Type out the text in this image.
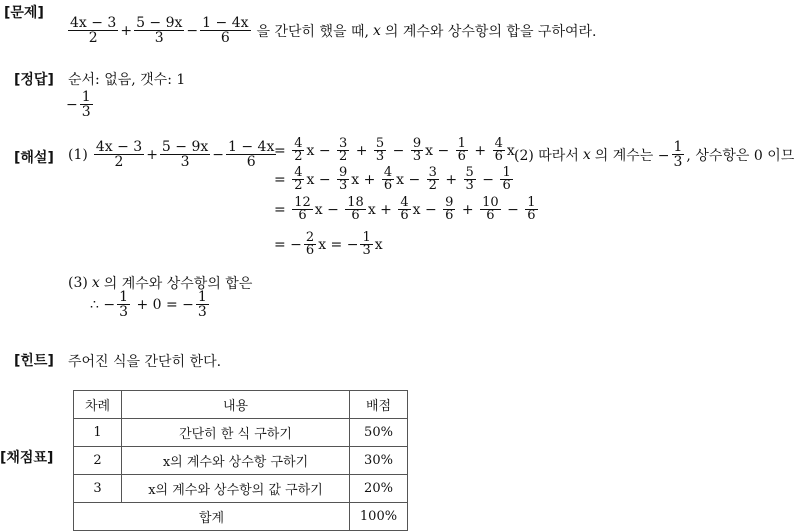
[문제]
$\frac{4x - 3}{2} + \frac{5 - 9x}{3} - \frac{1 - 4x}{6}$ 을 간단히 했을 때, x 의 계수와 상수항의 합을 구하여라.
[정답] 순서: 없음, 갯수: 1
− $\frac{1}{3}$
[해설] $(1) \frac{4x - 3}{2} + \frac{5 - 9x}{3} - \frac{1 - 4x}{6}$
= $\frac{4}{2}$ $x - \frac{3}{2} + \frac{5}{3} - \frac{9}{3}$ $x - \frac{1}{6} + \frac{4}{6}$ x
= $\frac{4}{2}$ $x - \frac{9}{3}$ $x + \frac{4}{6}$ $x - \frac{3}{2} + \frac{5}{3} - \frac{1}{6}$
= $\frac{12}{6}$ $x - \frac{18}{6}$ $x + \frac{4}{6}$ $x - \frac{9}{6} + \frac{10}{6} - \frac{1}{6}$
= − $\frac{2}{6}$ x = − $\frac{1}{3}$ x
(2) 따라서 x 의 계수는 − $\frac{1}{3}$ , 상수항은 0 이므
(3) x 의 계수와 상수항의 합은
∴ − $\frac{1}{3} + 0$ = − $\frac{1}{3}$
[힌트] 주어진 식을 간단히 한다.
[채점표]
차례	내용	배점
1	간단히 한 식 구하기	50%
2	x의 계수와 상수항 구하기	30%
3	x의 계수와 상수항의 값 구하기	20%
합계		100%
